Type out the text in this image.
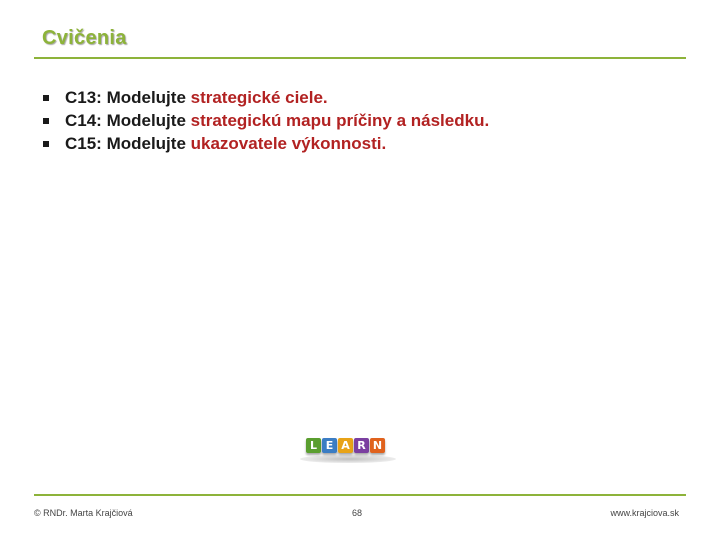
Cvičenia
C13: Modelujte strategické ciele.
C14: Modelujte strategickú mapu príčiny a následku.
C15: Modelujte ukazovatele výkonnosti.
L E A R N
© RNDr. Marta Krajčiová	68	www.krajciova.sk
